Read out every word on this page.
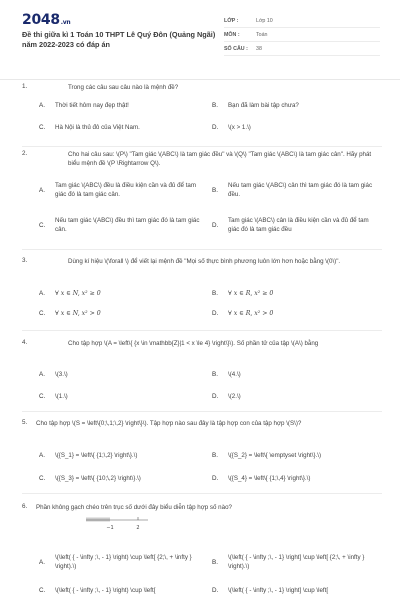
2048.vn
Đề thi giữa kì 1 Toán 10 THPT Lê Quý Đôn (Quảng Ngãi) năm 2022-2023 có đáp án
LỚP :	Lớp 10
MÔN :	Toán
SỐ CÂU :	38
1.	Trong các câu sau câu nào là mệnh đề?
A.	Thời tiết hôm nay đẹp thật!	B.	Bạn đã làm bài tập chưa?
C.	Hà Nội là thủ đô của Việt Nam.	D.	\(x > 1.\)
2.	Cho hai câu sau: \(P\) "Tam giác \(ABC\) là tam giác đều" và \(Q\) "Tam giác \(ABC\) là tam giác cân". Hãy phát biểu mệnh đề \(P \Rightarrow Q\).
A.
Tam giác \(ABC\) đều là điều kiện cần và đủ để tam giác đó là tam giác cân.
B.
Nếu tam giác \(ABC\) cân thì tam giác đó là tam giác đều.
C.
Nếu tam giác \(ABC\) đều thì tam giác đó là tam giác cân.
D.
Tam giác \(ABC\) cân là điều kiện cần và đủ để tam giác đó là tam giác đều
3.	Dùng kí hiệu \(\forall \) để viết lại mệnh đề "Mọi số thực bình phương luôn lớn hơn hoặc bằng \(0\)".
A.	∀ x ∈ N, x² ≥ 0	B.	∀ x ∈ R, x² ≥ 0
C.	∀ x ∈ N, x² > 0	D.	∀ x ∈ R, x² > 0
4.	Cho tập hợp \(A = \left\{ {x \in \mathbb{Z}|1 < x \le 4} \right\}\). Số phần tử của tập \(A\) bằng
A.	\(3.\)	B.	\(4.\)
C.	\(1.\)	D.	\(2.\)
5. Cho tập hợp \(S = \left\{0;\,1;\,2} \right\}\). Tập hợp nào sau đây là tập hợp con của tập hợp \(S\)?
A.	\({S_1} = \left\{ {1;\,2} \right\}.\)	B.	\({S_2} = \left\{ \emptyset \right\}.\)
C.	\({S_3} = \left\{ {10;\,2} \right\}.\)	D.	\({S_4} = \left\{ {1;\,4} \right\}.\)
6. Phần không gạch chéo trên trục số dưới đây biểu diễn tập hợp số nào?
−1	2
A.
\(\left( { - \infty ;\, - 1} \right) \cup \left[ {2;\, + \infty } \right).\)
B.
\(\left( { - \infty ;\, - 1} \right] \cup \left[ {2;\, + \infty } \right).\)
C.	\(\left( { - \infty ;\, - 1} \right) \cup \left[	D.	\(\left( { - \infty ;\, - 1} \right] \cup \left[
